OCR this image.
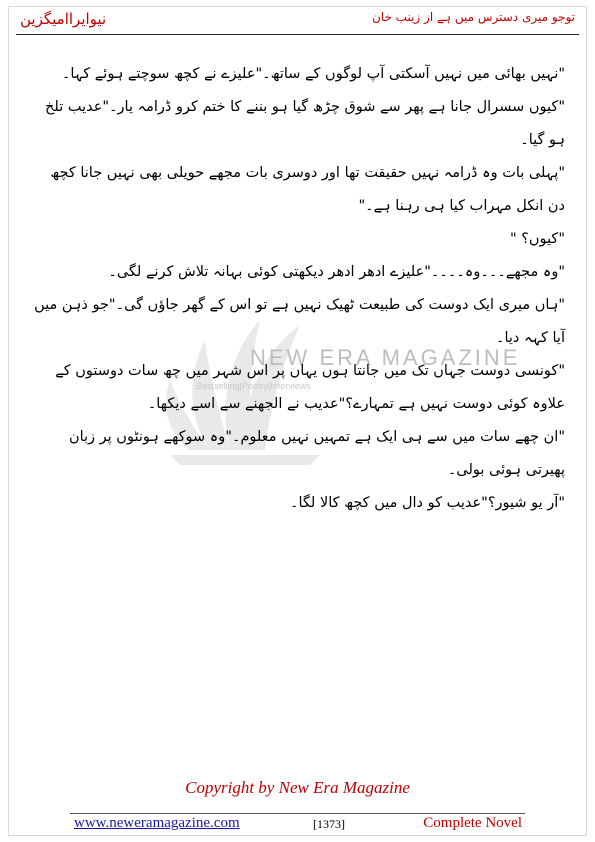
نیوایراامیگزین	توجو میری دسترس میں ہے از زینب خان
NEW ERA MAGAZINE
Bestselling|Poetry|Interviews

"نہیں بھائی میں نہیں آسکتی آپ لوگوں کے ساتھ۔"علیزے نے کچھ سوچتے ہوئے کہا۔

"کیوں سسرال جانا ہے پھر سے شوق چڑھ گیا ہو بننے کا ختم کرو ڈرامہ یار۔"عدیب تلخ ہو گیا۔

"پہلی بات وہ ڈرامہ نہیں حقیقت تھا اور دوسری بات مجھے حویلی بھی نہیں جانا کچھ دن انکل مہراب کیا ہی رہنا ہے۔"

"کیوں؟ "

"وہ مجھے۔۔۔وہ۔۔۔۔"علیزے ادھر ادھر دیکھتی کوئی بہانہ تلاش کرنے لگی۔

"ہاں میری ایک دوست کی طبیعت ٹھیک نہیں ہے تو اس کے گھر جاؤں گی۔"جو ذہن میں آیا کہہ دیا۔

"کونسی دوست جہاں تک میں جانتا ہوں یہاں پر اس شہر میں چھ سات دوستوں کے علاوہ کوئی دوست نہیں ہے تمہارے؟"عدیب نے الجھنے سے اسے دیکھا۔

"ان چھے سات میں سے ہی ایک ہے تمہیں نہیں معلوم۔"وہ سوکھے ہونٹوں پر زبان پھیرتی ہوئی بولی۔

"آر یو شیور؟"عدیب کو دال میں کچھ کالا لگا۔

Copyright by New Era Magazine
www.neweramagazine.com	[1373]	Complete Novel
